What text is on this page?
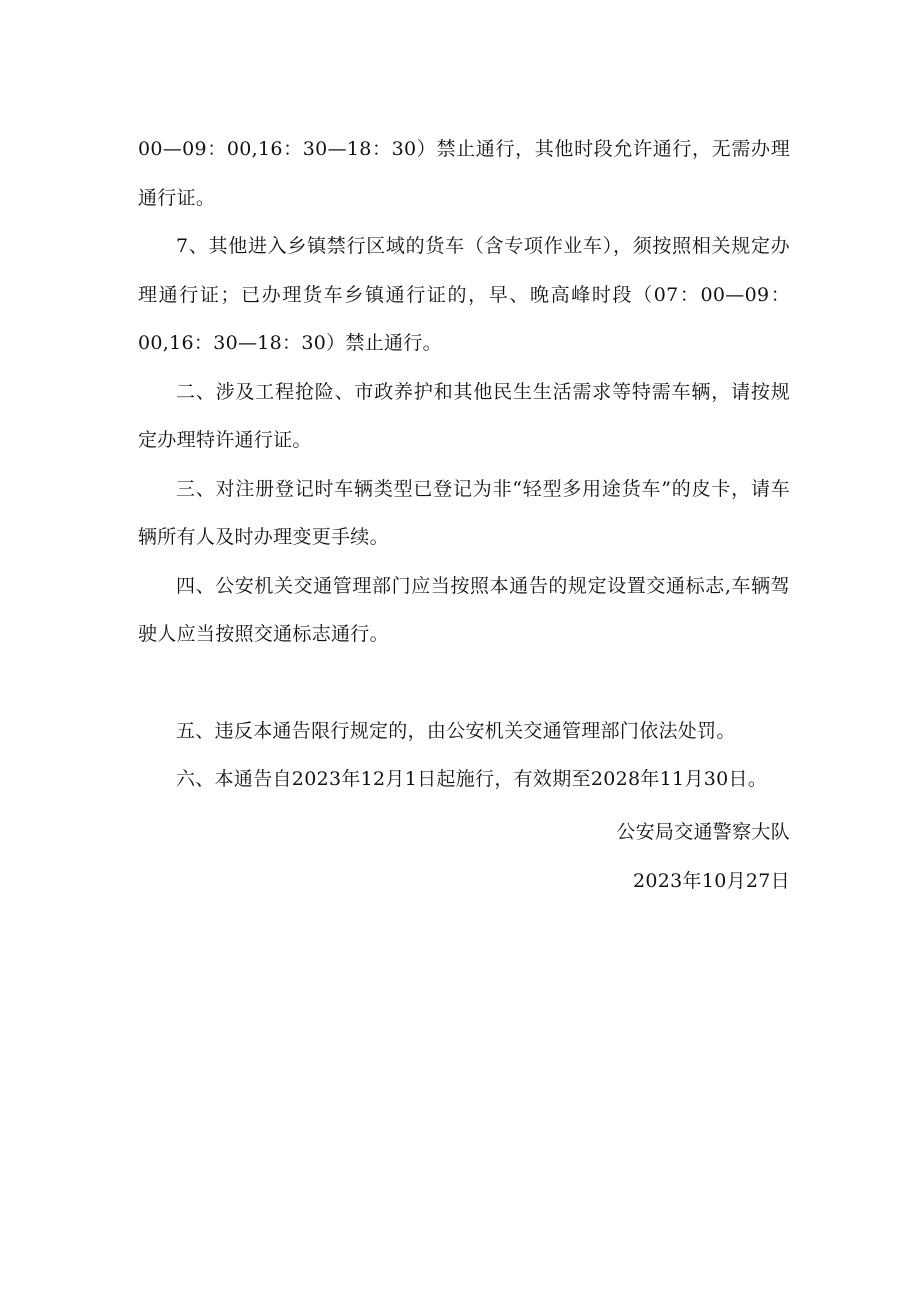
00—09：00,16：30—18：30）禁止通行，其他时段允许通行，无需办理通行证。

7、其他进入乡镇禁行区域的货车（含专项作业车），须按照相关规定办理通行证；已办理货车乡镇通行证的，早、晚高峰时段（07：00—09：00,16：30—18：30）禁止通行。

二、涉及工程抢险、市政养护和其他民生生活需求等特需车辆，请按规定办理特许通行证。

三、对注册登记时车辆类型已登记为非“轻型多用途货车”的皮卡，请车辆所有人及时办理变更手续。

四、公安机关交通管理部门应当按照本通告的规定设置交通标志,车辆驾驶人应当按照交通标志通行。

五、违反本通告限行规定的，由公安机关交通管理部门依法处罚。

六、本通告自2023年12月1日起施行，有效期至2028年11月30日。

公安局交通警察大队

2023年10月27日
